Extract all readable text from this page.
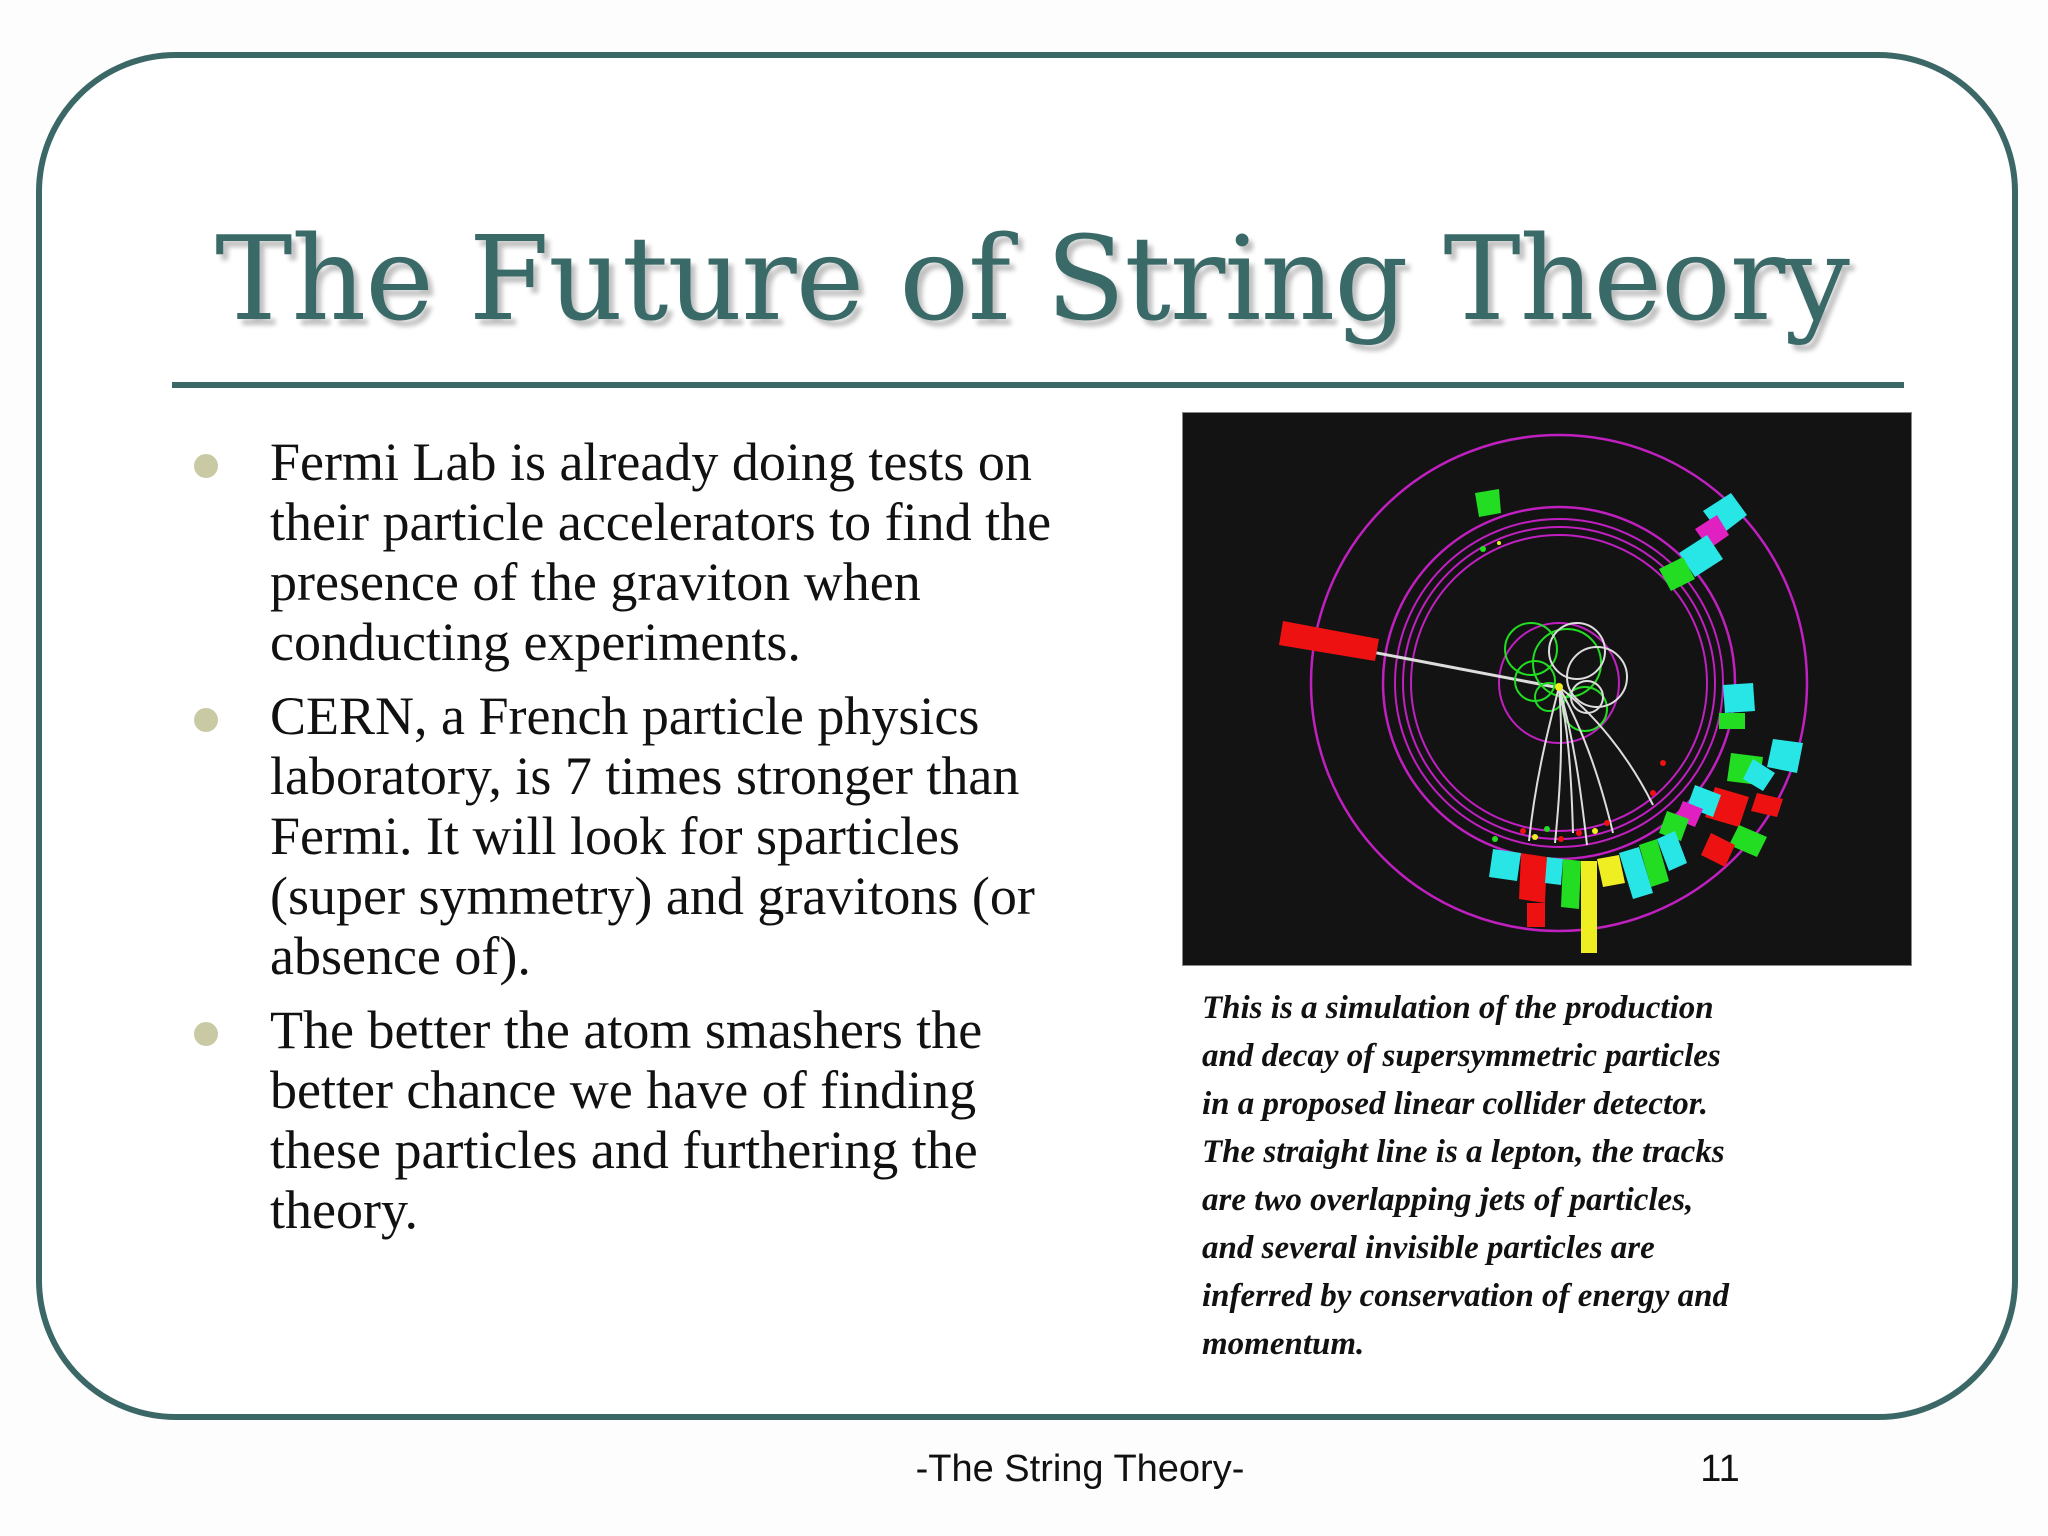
The Future of String Theory
Fermi Lab is already doing tests on
their particle accelerators to find the
presence of the graviton when
conducting experiments.
CERN, a French particle physics
laboratory, is 7 times stronger than
Fermi. It will look for sparticles
(super symmetry) and gravitons (or
absence of).
The better the atom smashers the
better chance we have of finding
these particles and furthering the
theory.

This is a simulation of the production
and decay of supersymmetric particles
in a proposed linear collider detector.
The straight line is a lepton, the tracks
are two overlapping jets of particles,
and several invisible particles are
inferred by conservation of energy and
momentum.

-The String Theory-	11
